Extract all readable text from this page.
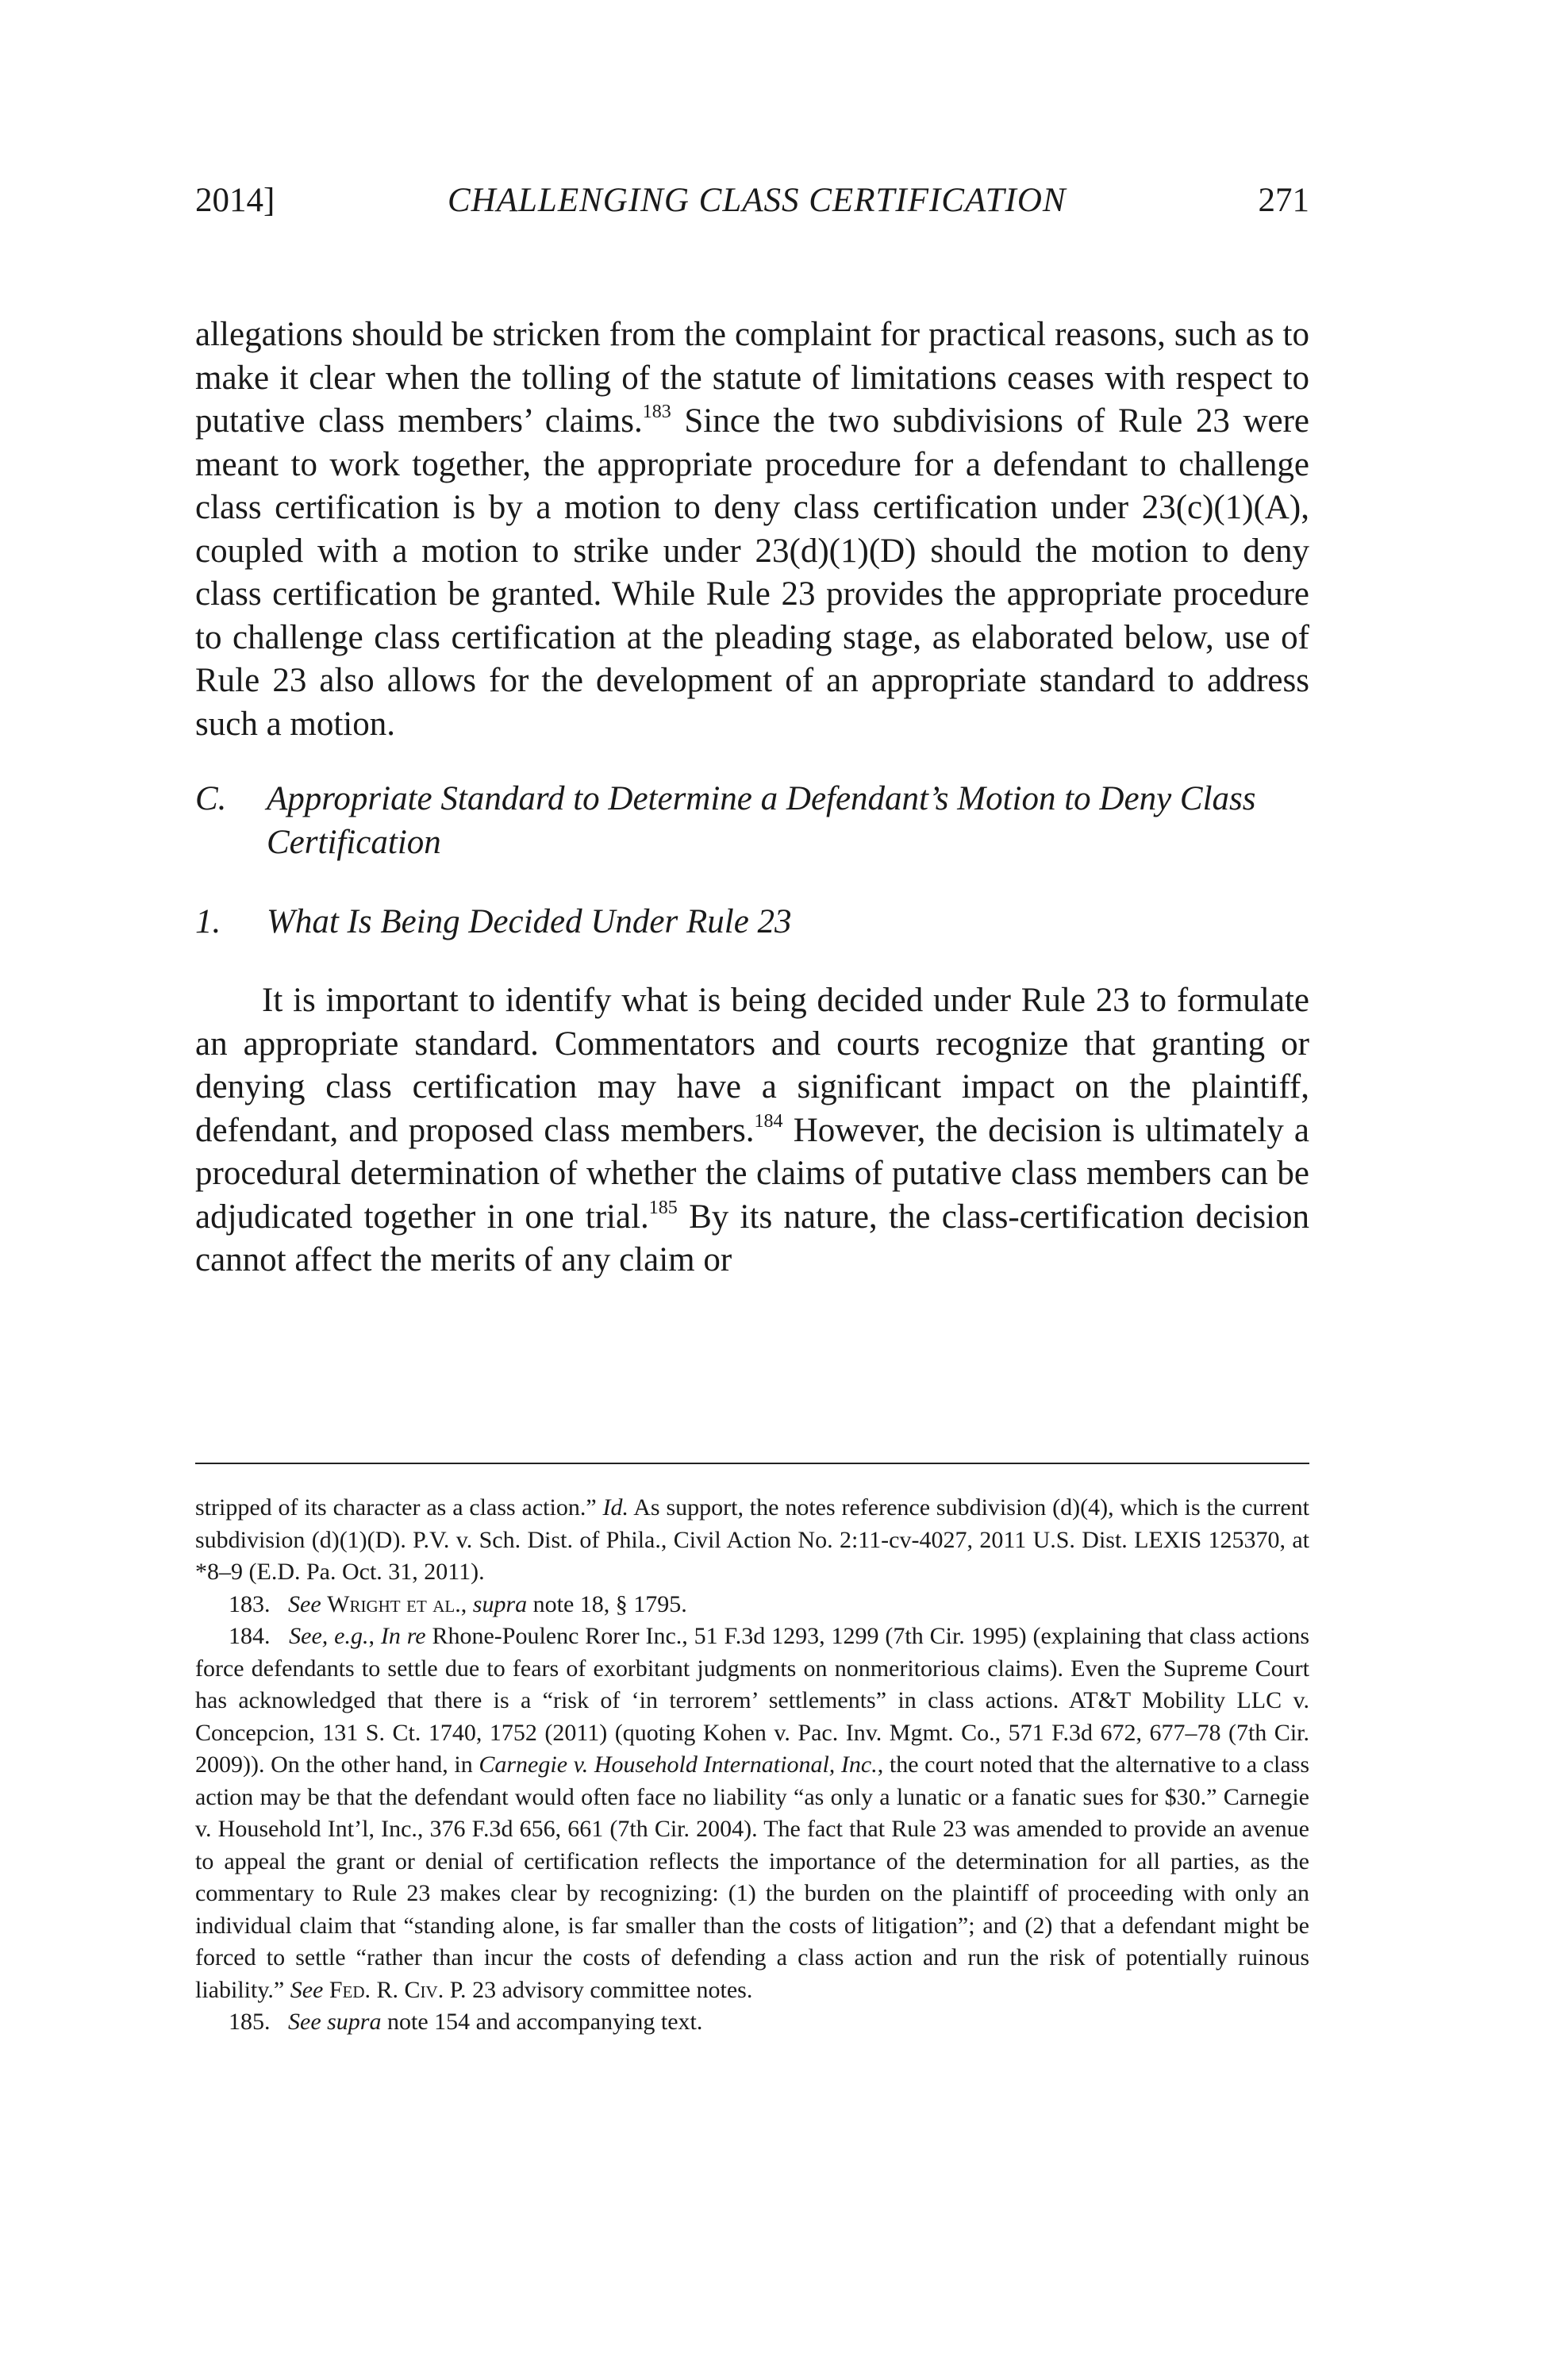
2014]	CHALLENGING CLASS CERTIFICATION	271

allegations should be stricken from the complaint for practical reasons, such as to make it clear when the tolling of the statute of limitations ceases with respect to putative class members’ claims.$^{183}$ Since the two subdivisions of Rule 23 were meant to work together, the appropriate procedure for a defendant to challenge class certification is by a motion to deny class certification under 23(c)(1)(A), coupled with a motion to strike under 23(d)(1)(D) should the motion to deny class certification be granted. While Rule 23 provides the appropriate procedure to challenge class certification at the pleading stage, as elaborated below, use of Rule 23 also allows for the development of an appropriate standard to address such a motion.

C. Appropriate Standard to Determine a Defendant’s Motion to Deny Class Certification
1. What Is Being Decided Under Rule 23

It is important to identify what is being decided under Rule 23 to formulate an appropriate standard. Commentators and courts recognize that granting or denying class certification may have a significant impact on the plaintiff, defendant, and proposed class members.$^{184}$ However, the decision is ultimately a procedural determination of whether the claims of putative class members can be adjudicated together in one trial.$^{185}$ By its nature, the class-certification decision cannot affect the merits of any claim or

stripped of its character as a class action.” Id. As support, the notes reference subdivision (d)(4), which is the current subdivision (d)(1)(D). P.V. v. Sch. Dist. of Phila., Civil Action No. 2:11-cv-4027, 2011 U.S. Dist. LEXIS 125370, at *8–9 (E.D. Pa. Oct. 31, 2011).

183. See Wright et al., supra note 18, § 1795.

184. See, e.g., In re Rhone-Poulenc Rorer Inc., 51 F.3d 1293, 1299 (7th Cir. 1995) (explaining that class actions force defendants to settle due to fears of exorbitant judgments on nonmeritorious claims). Even the Supreme Court has acknowledged that there is a “risk of ‘in terrorem’ settlements” in class actions. AT&T Mobility LLC v. Concepcion, 131 S. Ct. 1740, 1752 (2011) (quoting Kohen v. Pac. Inv. Mgmt. Co., 571 F.3d 672, 677–78 (7th Cir. 2009)). On the other hand, in Carnegie v. Household International, Inc., the court noted that the alternative to a class action may be that the defendant would often face no liability “as only a lunatic or a fanatic sues for $30.” Carnegie v. Household Int’l, Inc., 376 F.3d 656, 661 (7th Cir. 2004). The fact that Rule 23 was amended to provide an avenue to appeal the grant or denial of certification reflects the importance of the determination for all parties, as the commentary to Rule 23 makes clear by recognizing: (1) the burden on the plaintiff of proceeding with only an individual claim that “standing alone, is far smaller than the costs of litigation”; and (2) that a defendant might be forced to settle “rather than incur the costs of defending a class action and run the risk of potentially ruinous liability.” See Fed. R. Civ. P. 23 advisory committee notes.

185. See supra note 154 and accompanying text.
